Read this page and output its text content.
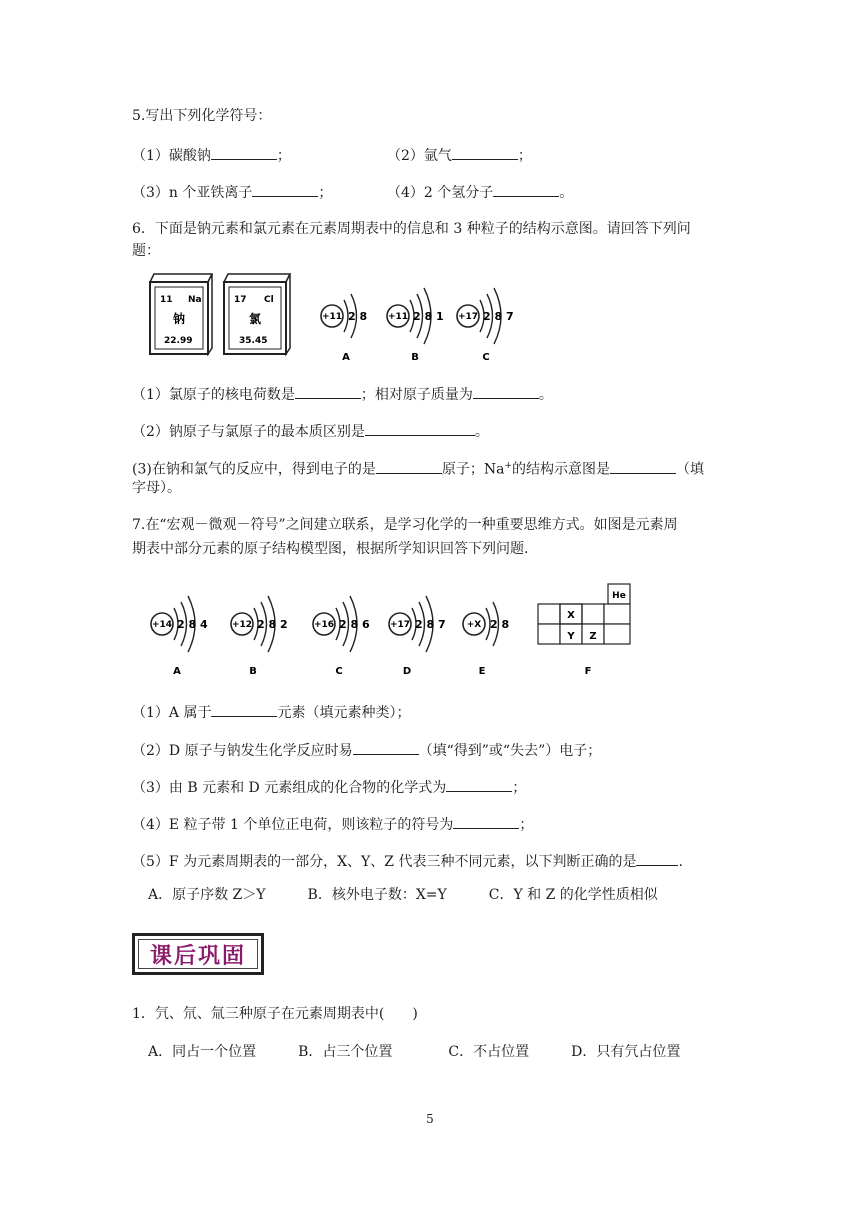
5.写出下列化学符号：
（1）碳酸钠	；	（2）氩气	；
（3）n 个亚铁离子	；	（4）2 个氢分子	。
6．下面是钠元素和氯元素在元素周期表中的信息和 3 种粒子的结构示意图。请回答下列问
题：
11 Na
钠
22.99
17 Cl
氯
35.45
+11 2 8
A
+11 2 8 1
B
+17 2 8 7
C
（1）氯原子的核电荷数是	；相对原子质量为	。
（2）钠原子与氯原子的最本质区别是	。
(3)在钠和氯气的反应中，得到电子的是	原子；Na+的结构示意图是	（填
字母）。
7.在“宏观－微观－符号”之间建立联系，是学习化学的一种重要思维方式。如图是元素周
期表中部分元素的原子结构模型图，根据所学知识回答下列问题.
+14 2 8 4
A
+12 2 8 2
B
+16 2 8 6
C
+17 2 8 7
D
+X 2 8
E
He
X
Y Z
F
（1）A 属于	元素（填元素种类）；
（2）D 原子与钠发生化学反应时易	（填“得到”或“失去”）电子；
（3）由 B 元素和 D 元素组成的化合物的化学式为	；
（4）E 粒子带 1 个单位正电荷，则该粒子的符号为	；
（5）F 为元素周期表的一部分，X、Y、Z 代表三种不同元素，以下判断正确的是	.
A．原子序数 Z＞Y　　　B．核外电子数：X=Y　　　C．Y 和 Z 的化学性质相似
课后巩固
1．氕、氘、氚三种原子在元素周期表中(　　)
A．同占一个位置　　　B．占三个位置　　　　C．不占位置　　　D．只有氕占位置
5
